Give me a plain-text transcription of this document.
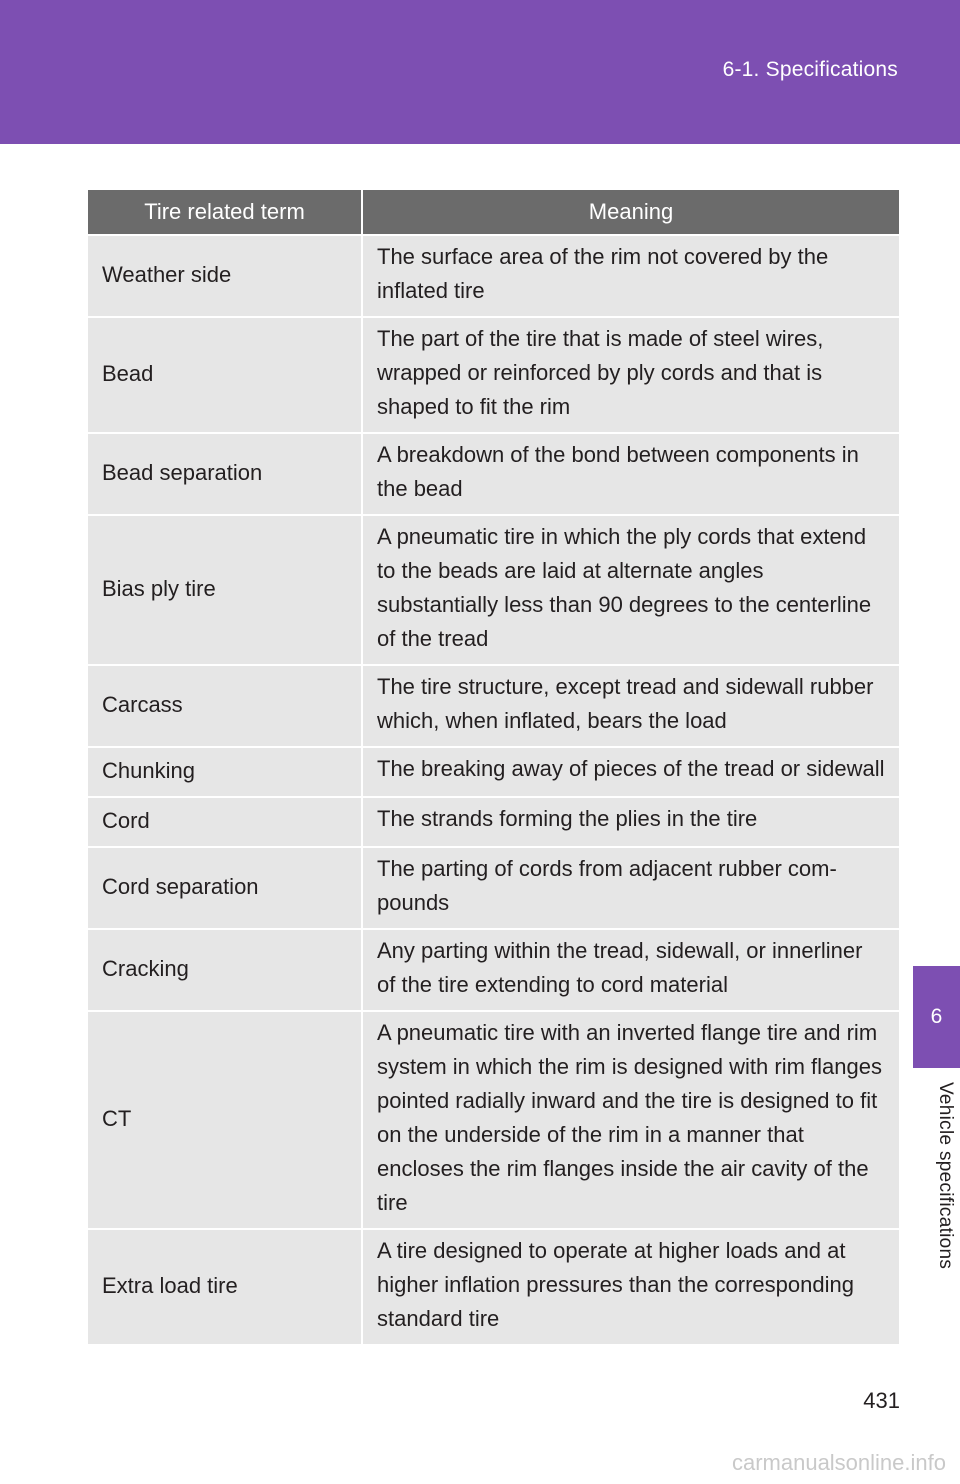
6-1. Specifications
6
Vehicle specifications
Tire related term	Meaning
Weather side	The surface area of the rim not covered by the inflated tire
Bead	The part of the tire that is made of steel wires, wrapped or reinforced by ply cords and that is shaped to fit the rim
Bead separation	A breakdown of the bond between components in the bead
Bias ply tire	A pneumatic tire in which the ply cords that extend to the beads are laid at alternate angles substantially less than 90 degrees to the centerline of the tread
Carcass	The tire structure, except tread and sidewall rubber which, when inflated, bears the load
Chunking	The breaking away of pieces of the tread or sidewall
Cord	The strands forming the plies in the tire
Cord separation	The parting of cords from adjacent rubber com-pounds
Cracking	Any parting within the tread, sidewall, or innerliner of the tire extending to cord material
CT	A pneumatic tire with an inverted flange tire and rim system in which the rim is designed with rim flanges pointed radially inward and the tire is designed to fit on the underside of the rim in a manner that encloses the rim flanges inside the air cavity of the tire
Extra load tire	A tire designed to operate at higher loads and at higher inflation pressures than the corresponding standard tire
431
carmanualsonline.info
